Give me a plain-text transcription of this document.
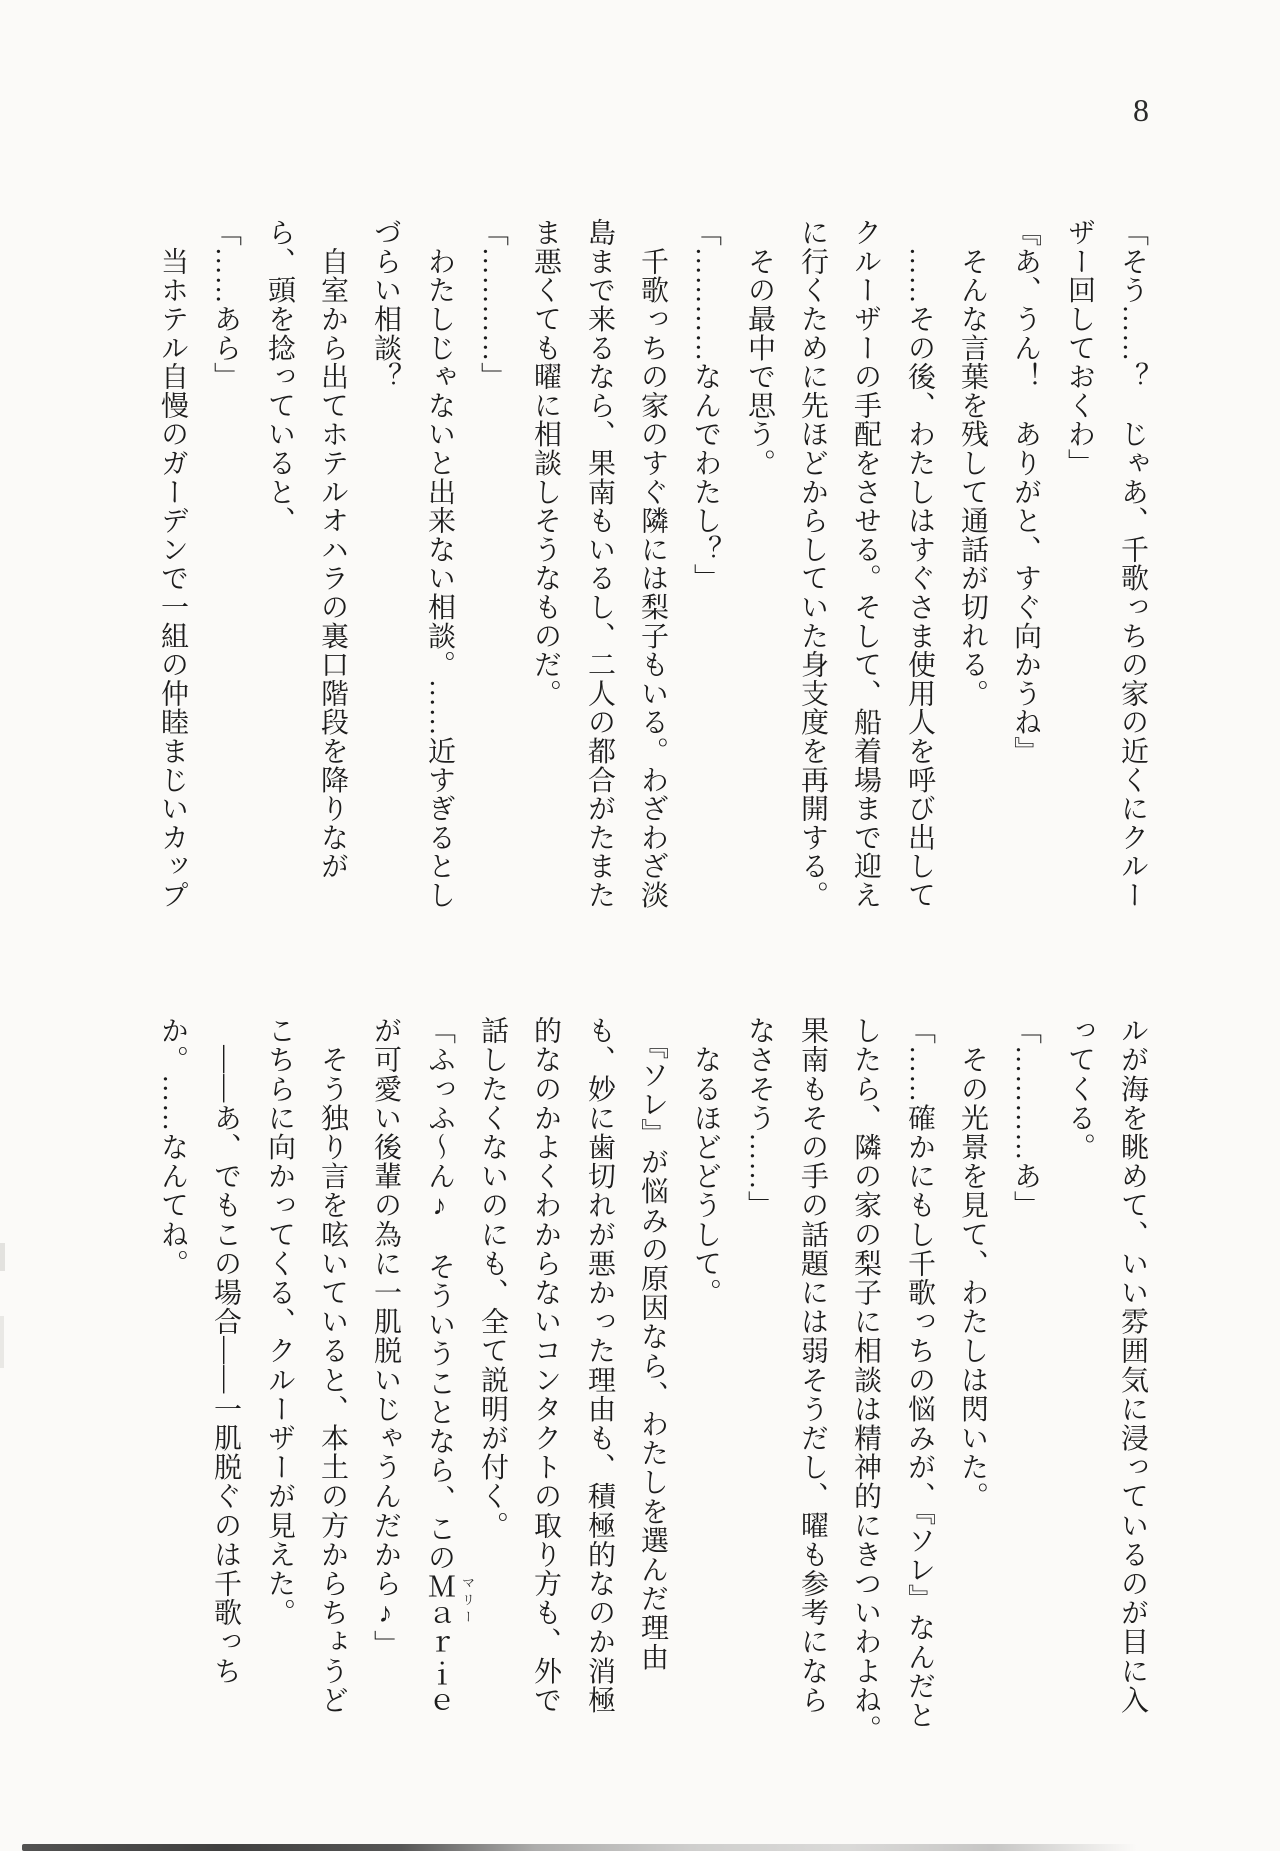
8
「そう……？　じゃあ、千歌っちの家の近くにクルー
ザー回しておくわ」
『あ、うん！　ありがと、すぐ向かうね』
　そんな言葉を残して通話が切れる。
　……その後、わたしはすぐさま使用人を呼び出して
クルーザーの手配をさせる。そして、船着場まで迎え
に行くために先ほどからしていた身支度を再開する。
　その最中で思う。
「…………なんでわたし？」
　千歌っちの家のすぐ隣には梨子もいる。わざわざ淡
島まで来るなら、果南もいるし、二人の都合がたまた
ま悪くても曜に相談しそうなものだ。
「…………」
　わたしじゃないと出来ない相談。……近すぎるとし
づらい相談？
　自室から出てホテルオハラの裏口階段を降りなが
ら、頭を捻っていると、
「……あら」
　当ホテル自慢のガーデンで一組の仲睦まじいカップ
ルが海を眺めて、いい雰囲気に浸っているのが目に入
ってくる。
「…………あ」
　その光景を見て、わたしは閃いた。
「……確かにもし千歌っちの悩みが、『ソレ』なんだと
したら、隣の家の梨子に相談は精神的にきついわよね。
果南もその手の話題には弱そうだし、曜も参考になら
なさそう……」
　なるほどどうして。
　『ソレ』が悩みの原因なら、わたしを選んだ理由
も、妙に歯切れが悪かった理由も、積極的なのか消極
的なのかよくわからないコンタクトの取り方も、外で
話したくないのにも、全て説明が付く。
「ふっふ〜ん♪　そういうことなら、このＭａｒｉｅ マリー
が可愛い後輩の為に一肌脱いじゃうんだから♪」
　そう独り言を呟いていると、本土の方からちょうど
こちらに向かってくる、クルーザーが見えた。
　――あ、でもこの場合――一肌脱ぐのは千歌っち
か。……なんてね。
